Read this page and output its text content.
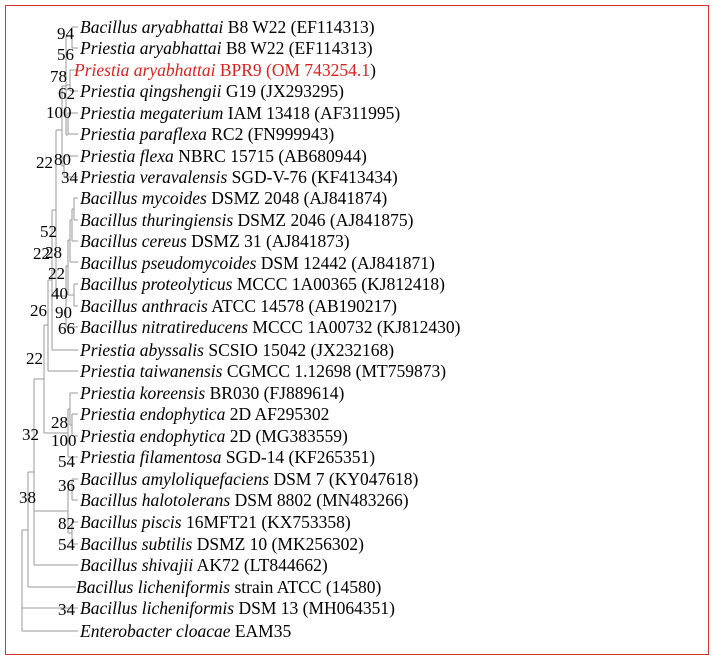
94
56
78
62
100
80
22
34
52
28
22
22
40
90
26
66
22
28
100
32
54
36
38
82
54
34
Bacillus aryabhattai B8 W22 (EF114313)
Priestia aryabhattai B8 W22 (EF114313)
Priestia aryabhattai BPR9 (OM 743254.1)
Priestia qingshengii G19 (JX293295)
Priestia megaterium IAM 13418 (AF311995)
Priestia paraflexa RC2 (FN999943)
Priestia flexa NBRC 15715 (AB680944)
Priestia veravalensis SGD-V-76 (KF413434)
Bacillus mycoides DSMZ 2048 (AJ841874)
Bacillus thuringiensis DSMZ 2046 (AJ841875)
Bacillus cereus DSMZ 31 (AJ841873)
Bacillus pseudomycoides DSM 12442 (AJ841871)
Bacillus proteolyticus MCCC 1A00365 (KJ812418)
Bacillus anthracis ATCC 14578 (AB190217)
Bacillus nitratireducens MCCC 1A00732 (KJ812430)
Priestia abyssalis SCSIO 15042 (JX232168)
Priestia taiwanensis CGMCC 1.12698 (MT759873)
Priestia koreensis BR030 (FJ889614)
Priestia endophytica 2D AF295302
Priestia endophytica 2D (MG383559)
Priestia filamentosa SGD-14 (KF265351)
Bacillus amyloliquefaciens DSM 7 (KY047618)
Bacillus halotolerans DSM 8802 (MN483266)
Bacillus piscis 16MFT21 (KX753358)
Bacillus subtilis DSMZ 10 (MK256302)
Bacillus shivajii AK72 (LT844662)
Bacillus licheniformis strain ATCC (14580)
Bacillus licheniformis DSM 13 (MH064351)
Enterobacter cloacae EAM35
